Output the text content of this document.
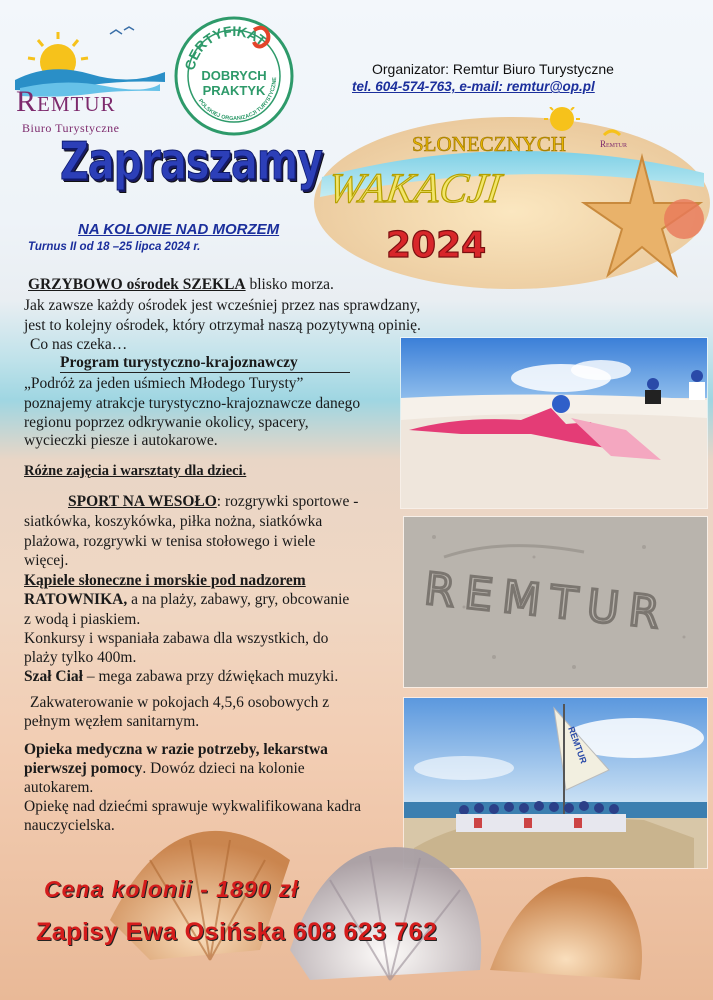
Remtur
Biuro Turystyczne
CERTYFIKAT
POLSKIEJ ORGANIZACJI TURYSTYCZNE
DOBRYCH
PRAKTYK
Organizator: Remtur Biuro Turystyczne
tel. 604-574-763, e-mail: remtur@op.pl
Zapraszamy
NA KOLONIE NAD MORZEM
Turnus II od 18 –25 lipca 2024 r.
SŁONECZNYCH
WAKACJI
2024
Remtur
GRZYBOWO ośrodek SZEKLA blisko morza.
Jak zawsze każdy ośrodek jest wcześniej przez nas sprawdzany,
jest to kolejny ośrodek, który otrzymał naszą pozytywną opinię.
Co nas czeka…
Program turystyczno-krajoznawczy
„Podróż za jeden uśmiech Młodego Turysty”
poznajemy atrakcje turystyczno-krajoznawcze danego
regionu poprzez odkrywanie okolicy, spacery,
wycieczki piesze i autokarowe.
Różne zajęcia i warsztaty dla dzieci.
SPORT NA WESOŁO: rozgrywki sportowe -
siatkówka, koszykówka, piłka nożna, siatkówka
plażowa, rozgrywki w tenisa stołowego i wiele
więcej.
Kąpiele słoneczne i morskie pod nadzorem
RATOWNIKA, a na plaży, zabawy, gry, obcowanie
z wodą i piaskiem.
Konkursy i wspaniała zabawa dla wszystkich, do
plaży tylko 400m.
Szał Ciał – mega zabawa przy dźwiękach muzyki.
Zakwaterowanie w pokojach 4,5,6 osobowych z
pełnym węzłem sanitarnym.
Opieka medyczna w razie potrzeby, lekarstwa
pierwszej pomocy. Dowóz dzieci na kolonie
autokarem.
Opiekę nad dziećmi sprawuje wykwalifikowana kadra
nauczycielska.
REMTUR
REMTUR
Cena kolonii - 1890 zł
Zapisy Ewa Osińska 608 623 762
